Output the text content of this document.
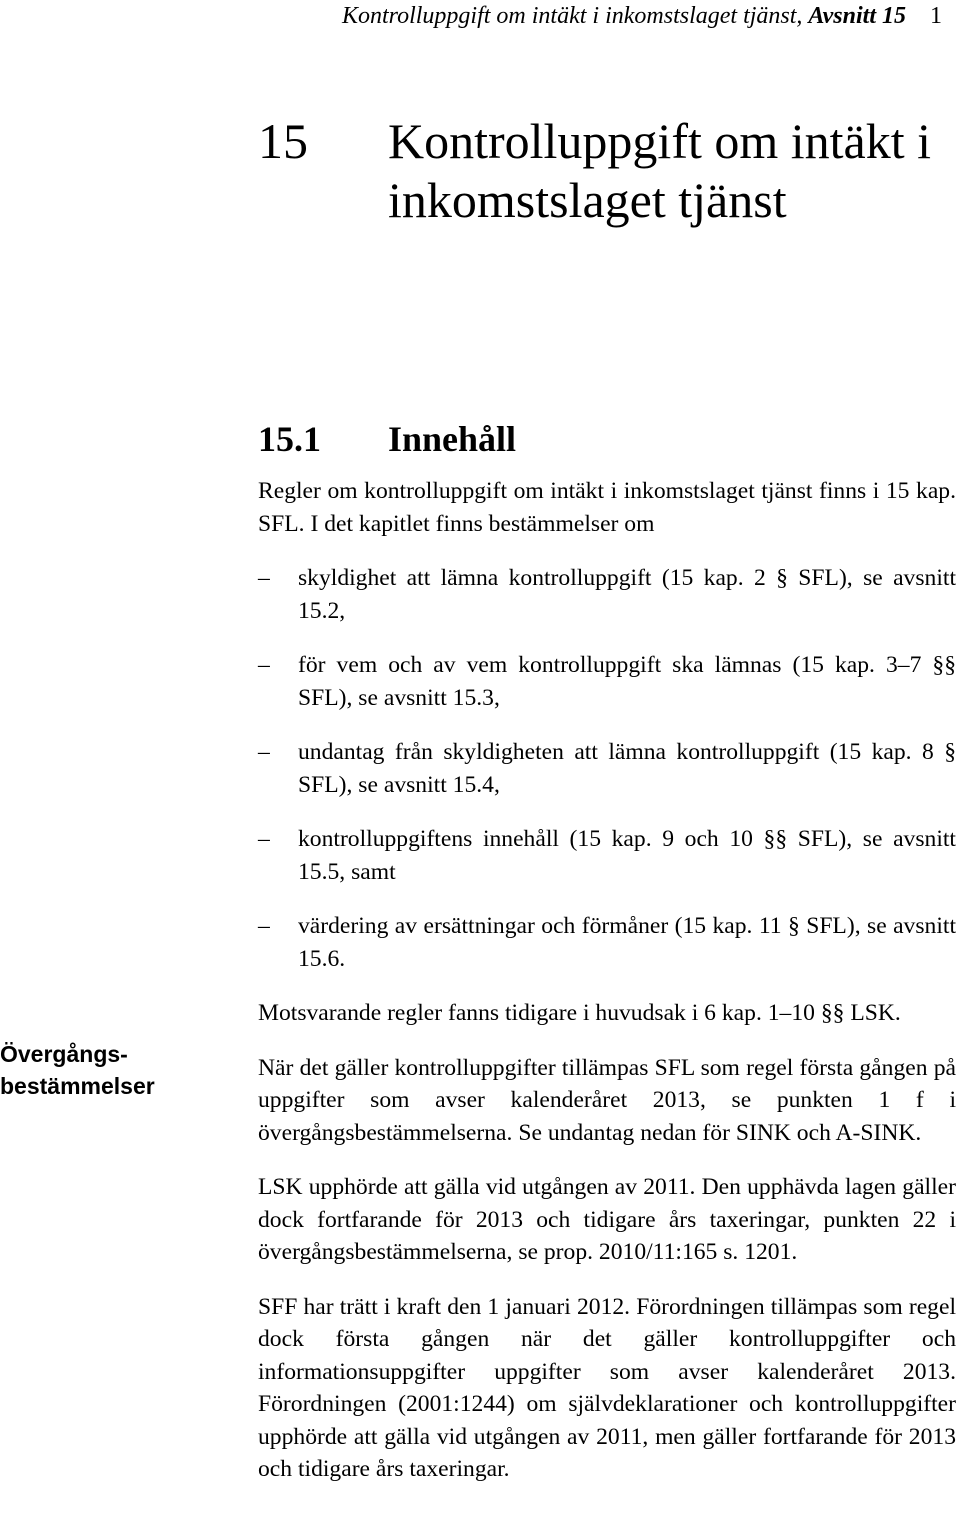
Kontrolluppgift om intäkt i inkomstslaget tjänst, Avsnitt 15 1
15 Kontrolluppgift om intäkt i inkomstslaget tjänst
15.1 Innehåll
Övergångs-
bestämmelser

Regler om kontrolluppgift om intäkt i inkomstslaget tjänst finns i 15 kap. SFL. I det kapitlet finns bestämmelser om

– skyldighet att lämna kontrolluppgift (15 kap. 2 § SFL), se avsnitt 15.2,
– för vem och av vem kontrolluppgift ska lämnas (15 kap. 3–7 §§ SFL), se avsnitt 15.3,
– undantag från skyldigheten att lämna kontrolluppgift (15 kap. 8 § SFL), se avsnitt 15.4,
– kontrolluppgiftens innehåll (15 kap. 9 och 10 §§ SFL), se avsnitt 15.5, samt
– värdering av ersättningar och förmåner (15 kap. 11 § SFL), se avsnitt 15.6.

Motsvarande regler fanns tidigare i huvudsak i 6 kap. 1–10 §§ LSK.

När det gäller kontrolluppgifter tillämpas SFL som regel första gången på uppgifter som avser kalenderåret 2013, se punkten 1 f i övergångsbestämmelserna. Se undantag nedan för SINK och A-SINK.

LSK upphörde att gälla vid utgången av 2011. Den upphävda lagen gäller dock fortfarande för 2013 och tidigare års taxeringar, punkten 22 i övergångsbestämmelserna, se prop. 2010/11:165 s. 1201.

SFF har trätt i kraft den 1 januari 2012. Förordningen tillämpas som regel dock första gången när det gäller kontrolluppgifter och informationsuppgifter uppgifter som avser kalenderåret 2013. Förordningen (2001:1244) om självdeklarationer och kontrolluppgifter upphörde att gälla vid utgången av 2011, men gäller fortfarande för 2013 och tidigare års taxeringar.
